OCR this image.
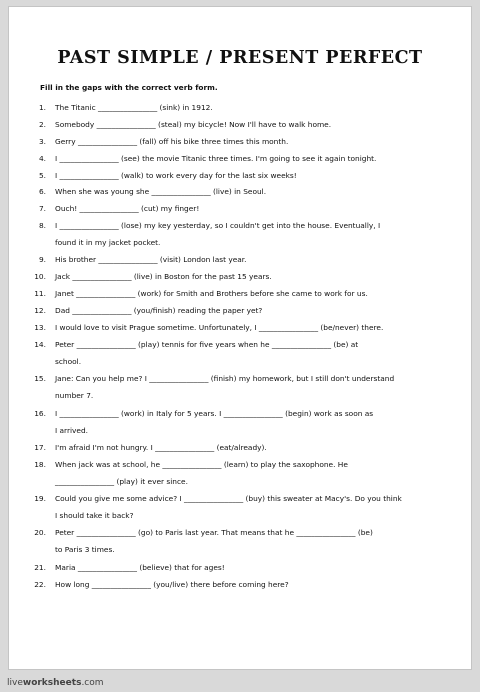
PAST SIMPLE / PRESENT PERFECT
Fill in the gaps with the correct verb form.
1. The Titanic ________________ (sink) in 1912.
2. Somebody ________________ (steal) my bicycle! Now I'll have to walk home.
3. Gerry ________________ (fall) off his bike three times this month.
4. I ________________ (see) the movie Titanic three times. I'm going to see it again tonight.
5. I ________________ (walk) to work every day for the last six weeks!
6. When she was young she ________________ (live) in Seoul.
7. Ouch! ________________ (cut) my finger!
8. I ________________ (lose) my key yesterday, so I couldn't get into the house. Eventually, I
found it in my jacket pocket.
9. His brother ________________ (visit) London last year.
10. Jack ________________ (live) in Boston for the past 15 years.
11. Janet ________________ (work) for Smith and Brothers before she came to work for us.
12. Dad ________________ (you/finish) reading the paper yet?
13. I would love to visit Prague sometime. Unfortunately, I ________________ (be/never) there.
14. Peter ________________ (play) tennis for five years when he ________________ (be) at
school.
15. Jane: Can you help me? I ________________ (finish) my homework, but I still don't understand
number 7.
16. I ________________ (work) in Italy for 5 years. I ________________ (begin) work as soon as
I arrived.
17. I'm afraid I'm not hungry. I ________________ (eat/already).
18. When jack was at school, he ________________ (learn) to play the saxophone. He
________________ (play) it ever since.
19. Could you give me some advice? I ________________ (buy) this sweater at Macy's. Do you think
I should take it back?
20. Peter ________________ (go) to Paris last year. That means that he ________________ (be)
to Paris 3 times.
21. Maria ________________ (believe) that for ages!
22. How long ________________ (you/live) there before coming here?
liveworksheets.com
